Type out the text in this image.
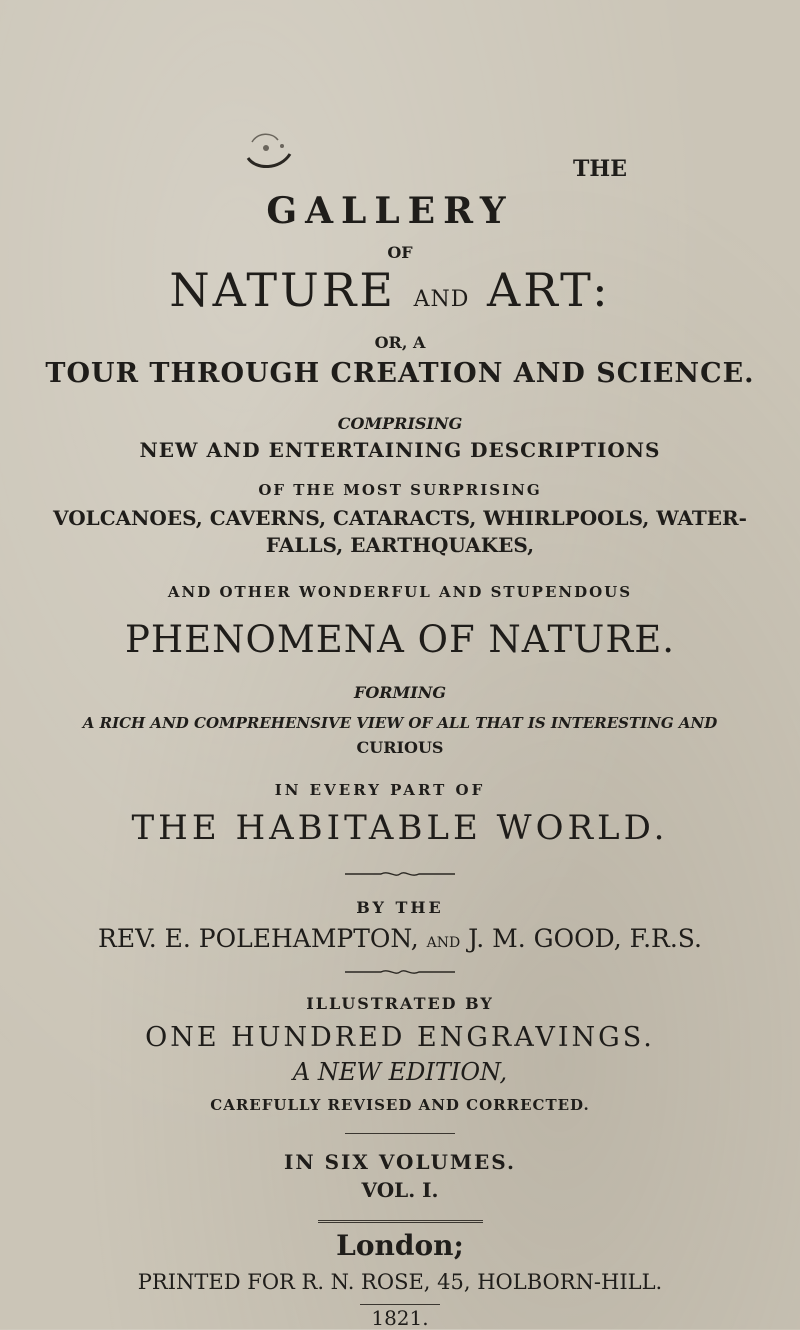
THE
GALLERY
OF
NATURE AND ART:
OR, A
TOUR THROUGH CREATION AND SCIENCE.
COMPRISING
NEW AND ENTERTAINING DESCRIPTIONS
OF THE MOST SURPRISING
VOLCANOES, CAVERNS, CATARACTS, WHIRLPOOLS, WATER-
FALLS, EARTHQUAKES,
AND OTHER WONDERFUL AND STUPENDOUS
PHENOMENA OF NATURE.
FORMING
A RICH AND COMPREHENSIVE VIEW OF ALL THAT IS INTERESTING AND
CURIOUS
IN EVERY PART OF
THE HABITABLE WORLD.
BY THE
REV. E. POLEHAMPTON, AND J. M. GOOD, F.R.S.
ILLUSTRATED BY
ONE HUNDRED ENGRAVINGS.
A NEW EDITION,
CAREFULLY REVISED AND CORRECTED.
IN SIX VOLUMES.
VOL. I.
London;
PRINTED FOR R. N. ROSE, 45, HOLBORN-HILL.
1821.
